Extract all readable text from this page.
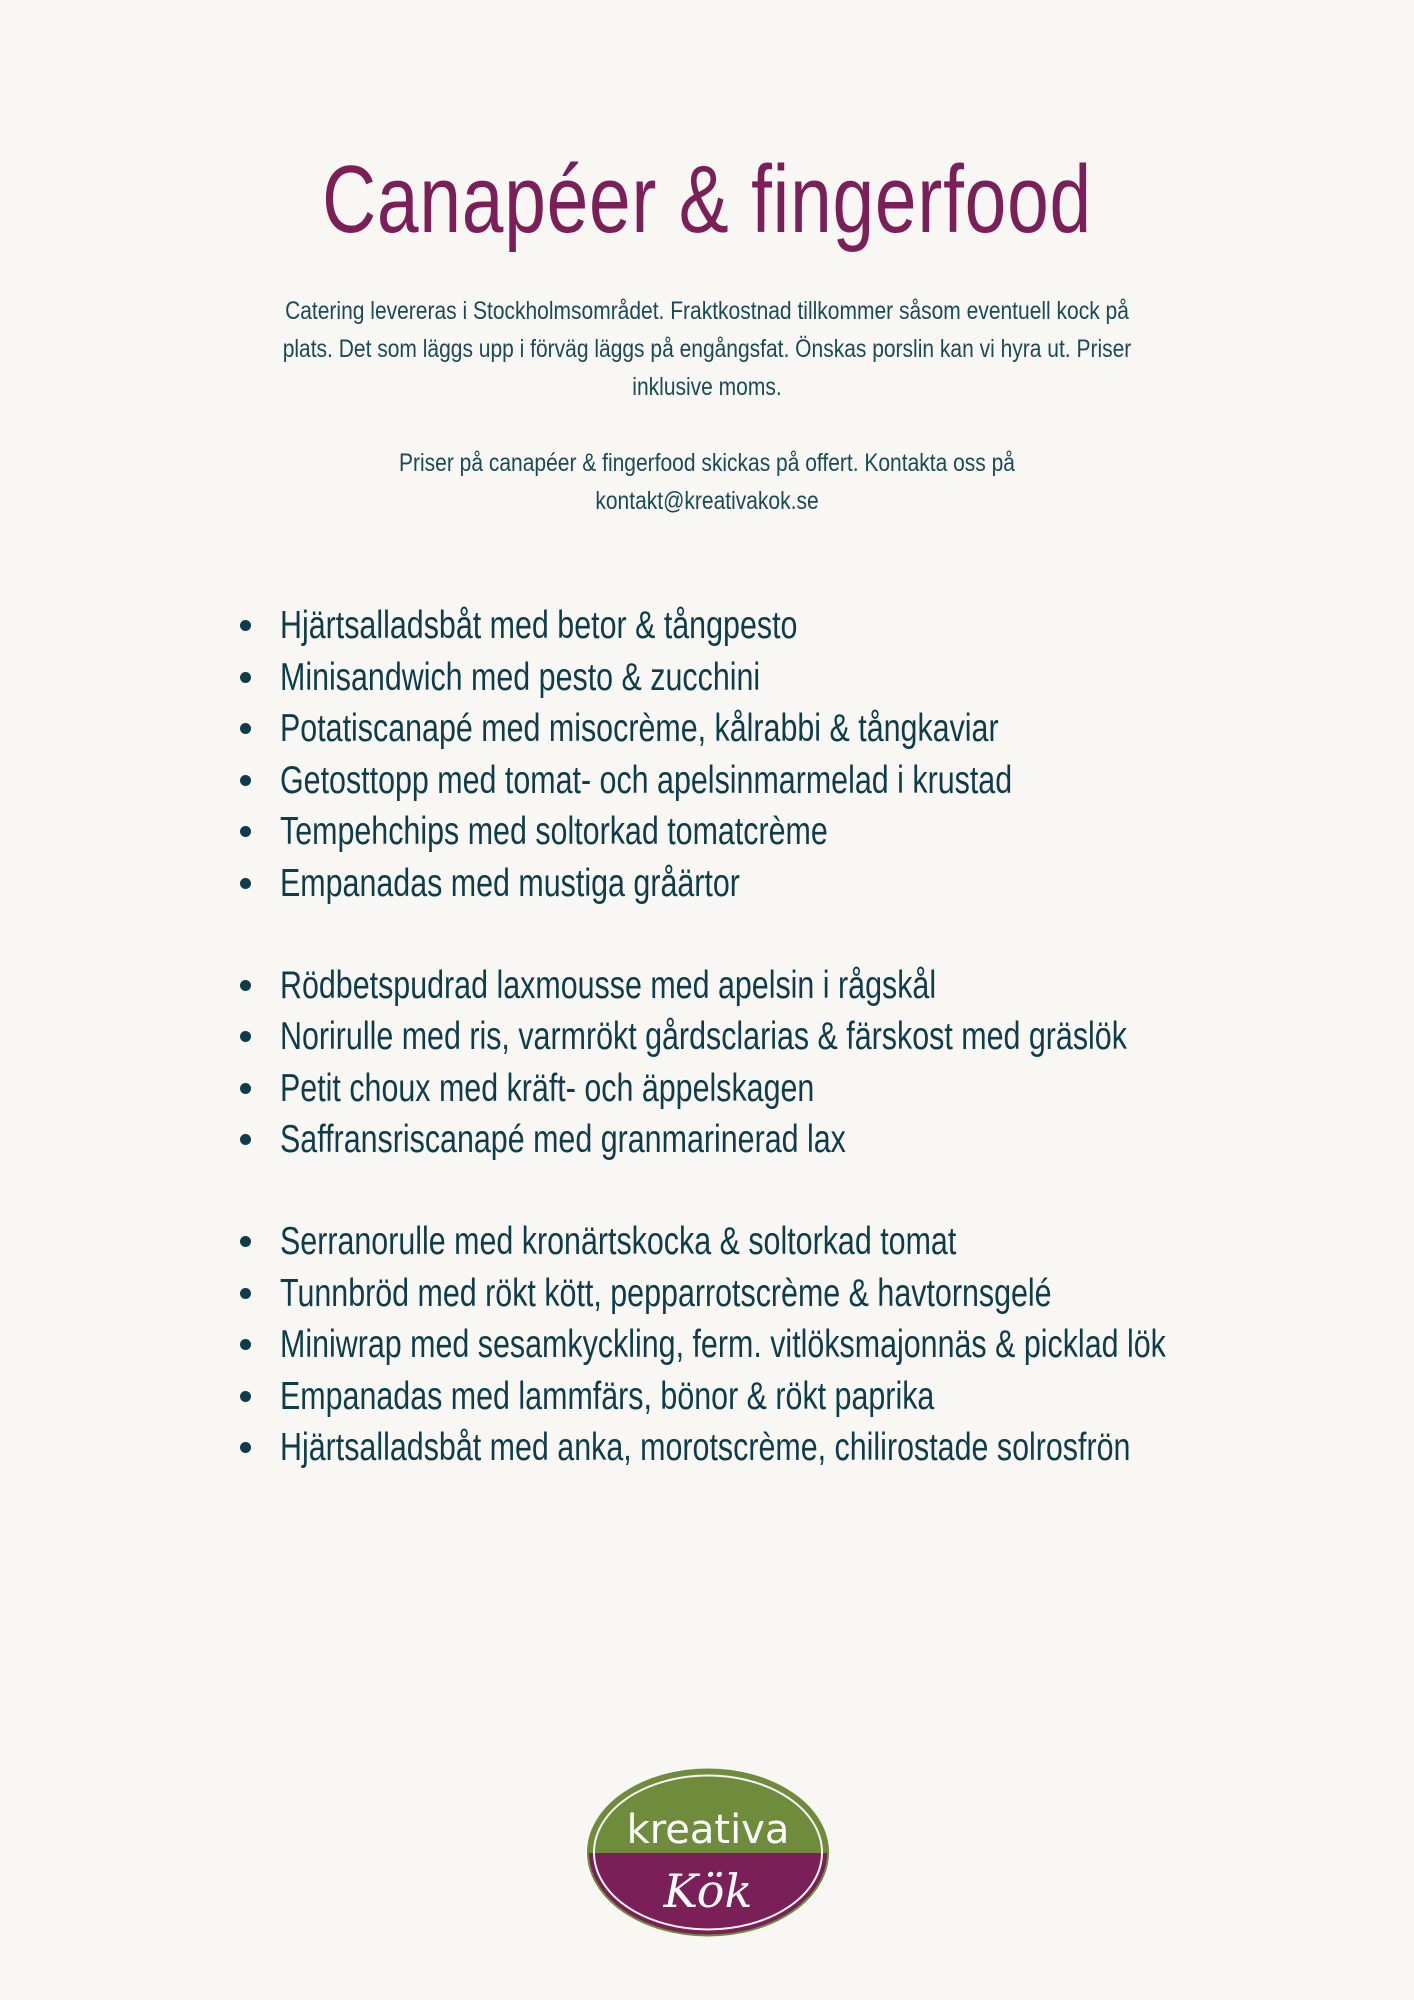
Canapéer & fingerfood

Catering levereras i Stockholmsområdet. Fraktkostnad tillkommer såsom eventuell kock på plats. Det som läggs upp i förväg läggs på engångsfat. Önskas porslin kan vi hyra ut. Priser inklusive moms.

Priser på canapéer & fingerfood skickas på offert. Kontakta oss på kontakt@kreativakok.se

Hjärtsalladsbåt med betor & tångpesto
Minisandwich med pesto & zucchini
Potatiscanapé med misocrème, kålrabbi & tångkaviar
Getosttopp med tomat- och apelsinmarmelad i krustad
Tempehchips med soltorkad tomatcrème
Empanadas med mustiga gråärtor
Rödbetspudrad laxmousse med apelsin i rågskål
Norirulle med ris, varmrökt gårdsclarias & färskost med gräslök
Petit choux med kräft- och äppelskagen
Saffransriscanapé med granmarinerad lax
Serranorulle med kronärtskocka & soltorkad tomat
Tunnbröd med rökt kött, pepparrotscrème & havtornsgelé
Miniwrap med sesamkyckling, ferm. vitlöksmajonnäs & picklad lök
Empanadas med lammfärs, bönor & rökt paprika
Hjärtsalladsbåt med anka, morotscrème, chilirostade solrosfrön
kreativa
Kök
